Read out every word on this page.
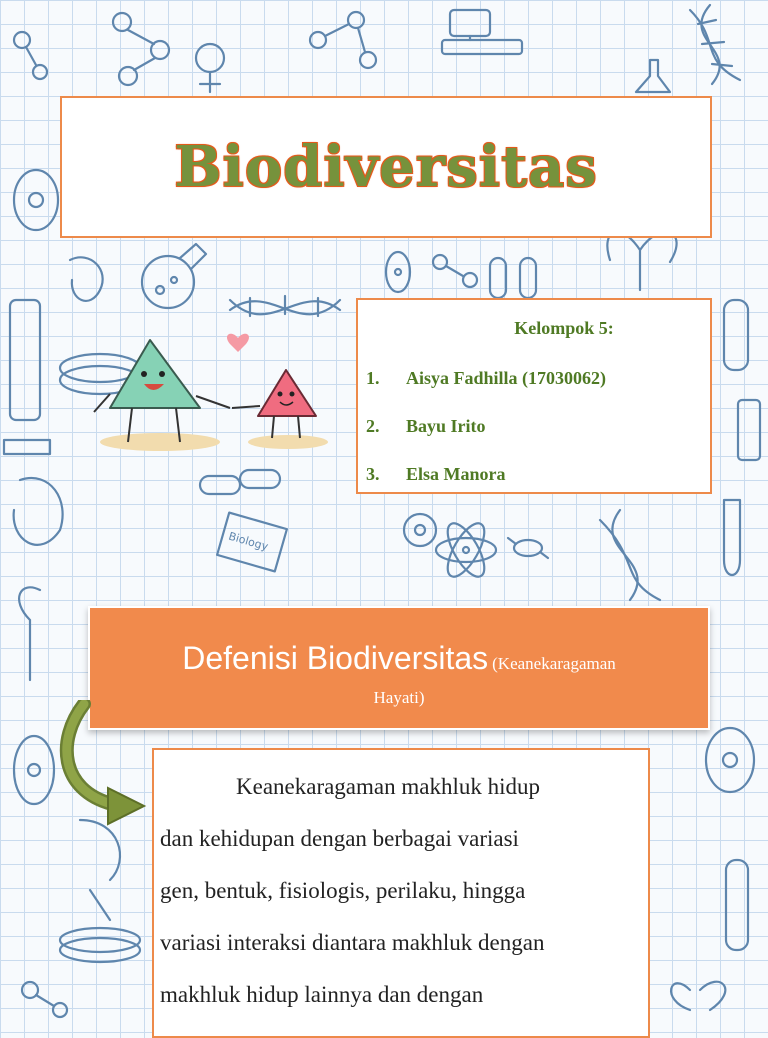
Biology
Biodiversitas
Kelompok 5:
1. Aisya Fadhilla (17030062)
2. Bayu Irito
3. Elsa Manora
Defenisi Biodiversitas (Keanekaragaman
Hayati)
Keanekaragaman makhluk hidup
dan kehidupan dengan berbagai variasi
gen, bentuk, fisiologis, perilaku, hingga
variasi interaksi diantara makhluk dengan
makhluk hidup lainnya dan dengan
